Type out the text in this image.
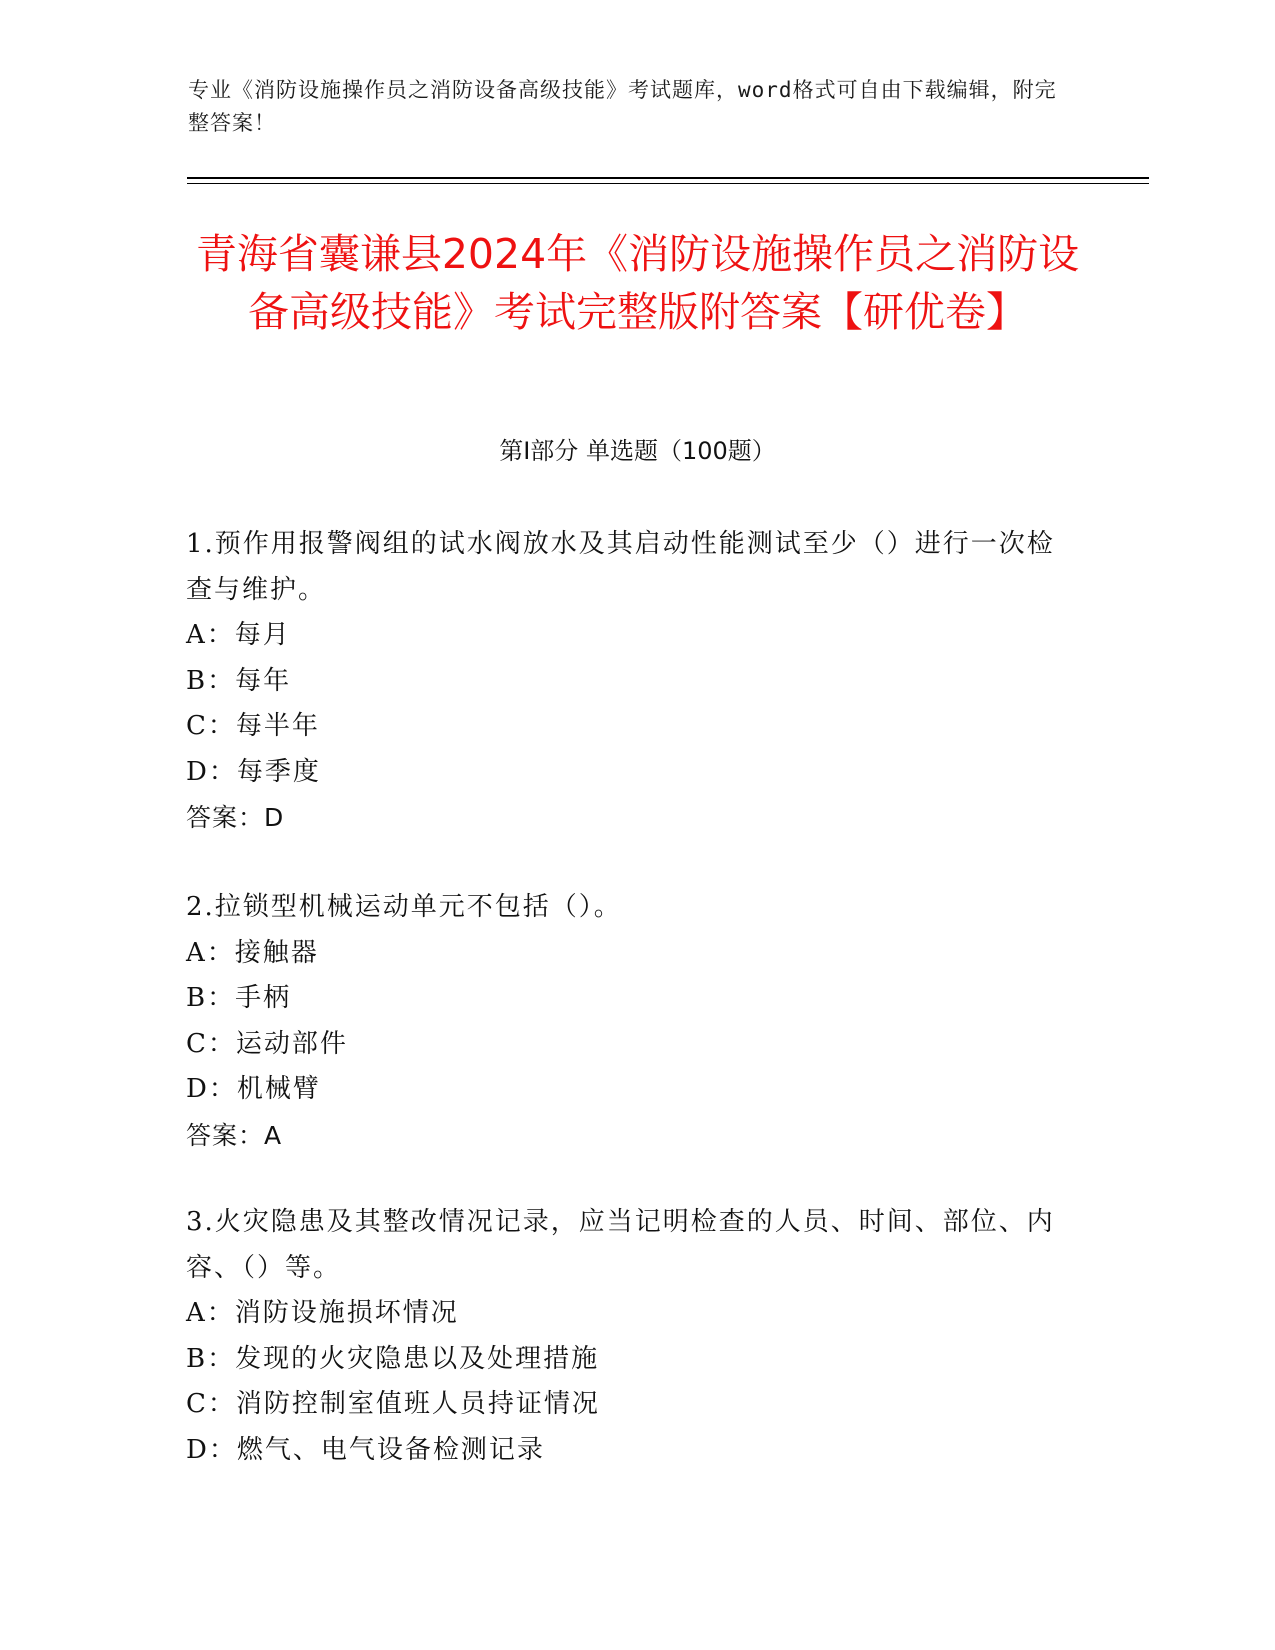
专业《消防设施操作员之消防设备高级技能》考试题库，word格式可自由下载编辑，附完整答案！
青海省囊谦县2024年《消防设施操作员之消防设备高级技能》考试完整版附答案【研优卷】
第I部分 单选题（100题）
1.预作用报警阀组的试水阀放水及其启动性能测试至少（）进行一次检查与维护。
A：每月
B：每年
C：每半年
D：每季度
答案：D
2.拉锁型机械运动单元不包括（）。
A：接触器
B：手柄
C：运动部件
D：机械臂
答案：A
3.火灾隐患及其整改情况记录，应当记明检查的人员、时间、部位、内容、（）等。
A：消防设施损坏情况
B：发现的火灾隐患以及处理措施
C：消防控制室值班人员持证情况
D：燃气、电气设备检测记录
